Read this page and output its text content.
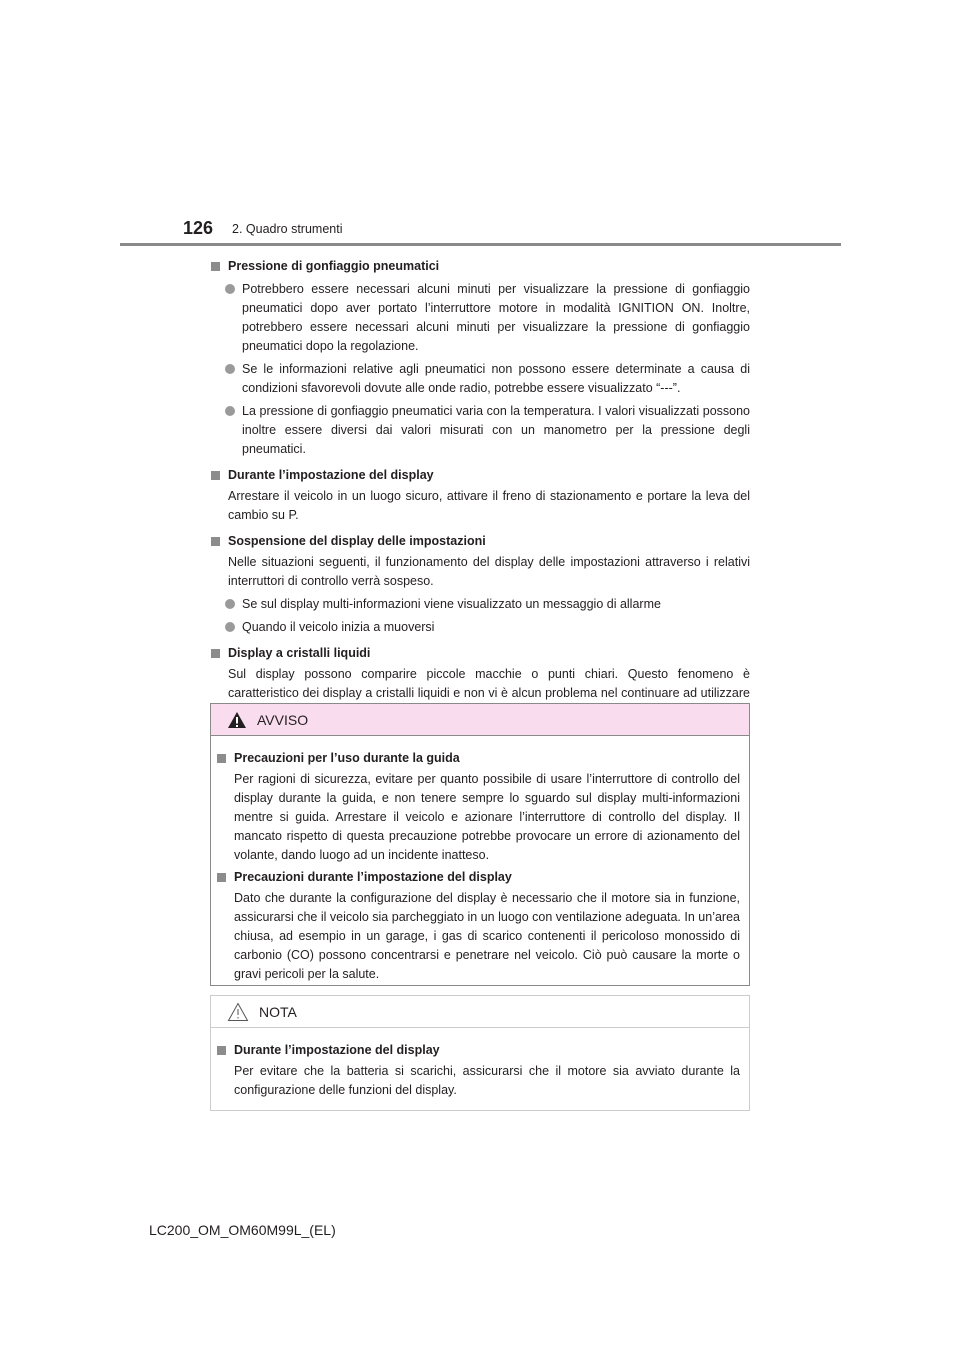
126 2. Quadro strumenti
Pressione di gonfiaggio pneumatici
Potrebbero essere necessari alcuni minuti per visualizzare la pressione di gonfiaggio pneumatici dopo aver portato l’interruttore motore in modalità IGNITION ON. Inoltre, potrebbero essere necessari alcuni minuti per visualizzare la pressione di gonfiaggio pneumatici dopo la regolazione.
Se le informazioni relative agli pneumatici non possono essere determinate a causa di condizioni sfavorevoli dovute alle onde radio, potrebbe essere visualizzato “---”.
La pressione di gonfiaggio pneumatici varia con la temperatura. I valori visualizzati possono inoltre essere diversi dai valori misurati con un manometro per la pressione degli pneumatici.
Durante l’impostazione del display
Arrestare il veicolo in un luogo sicuro, attivare il freno di stazionamento e portare la leva del cambio su P.
Sospensione del display delle impostazioni
Nelle situazioni seguenti, il funzionamento del display delle impostazioni attraverso i relativi interruttori di controllo verrà sospeso.
Se sul display multi-informazioni viene visualizzato un messaggio di allarme
Quando il veicolo inizia a muoversi
Display a cristalli liquidi
Sul display possono comparire piccole macchie o punti chiari. Questo fenomeno è caratteristico dei display a cristalli liquidi e non vi è alcun problema nel continuare ad utilizzare
AVVISO
Precauzioni per l’uso durante la guida
Per ragioni di sicurezza, evitare per quanto possibile di usare l’interruttore di controllo del display durante la guida, e non tenere sempre lo sguardo sul display multi-informazioni mentre si guida. Arrestare il veicolo e azionare l’interruttore di controllo del display. Il mancato rispetto di questa precauzione potrebbe provocare un errore di azionamento del volante, dando luogo ad un incidente inatteso.
Precauzioni durante l’impostazione del display
Dato che durante la configurazione del display è necessario che il motore sia in funzione, assicurarsi che il veicolo sia parcheggiato in un luogo con ventilazione adeguata. In un’area chiusa, ad esempio in un garage, i gas di scarico contenenti il pericoloso monossido di carbonio (CO) possono concentrarsi e penetrare nel veicolo. Ciò può causare la morte o gravi pericoli per la salute.
NOTA
Durante l’impostazione del display
Per evitare che la batteria si scarichi, assicurarsi che il motore sia avviato durante la configurazione delle funzioni del display.
LC200_OM_OM60M99L_(EL)
